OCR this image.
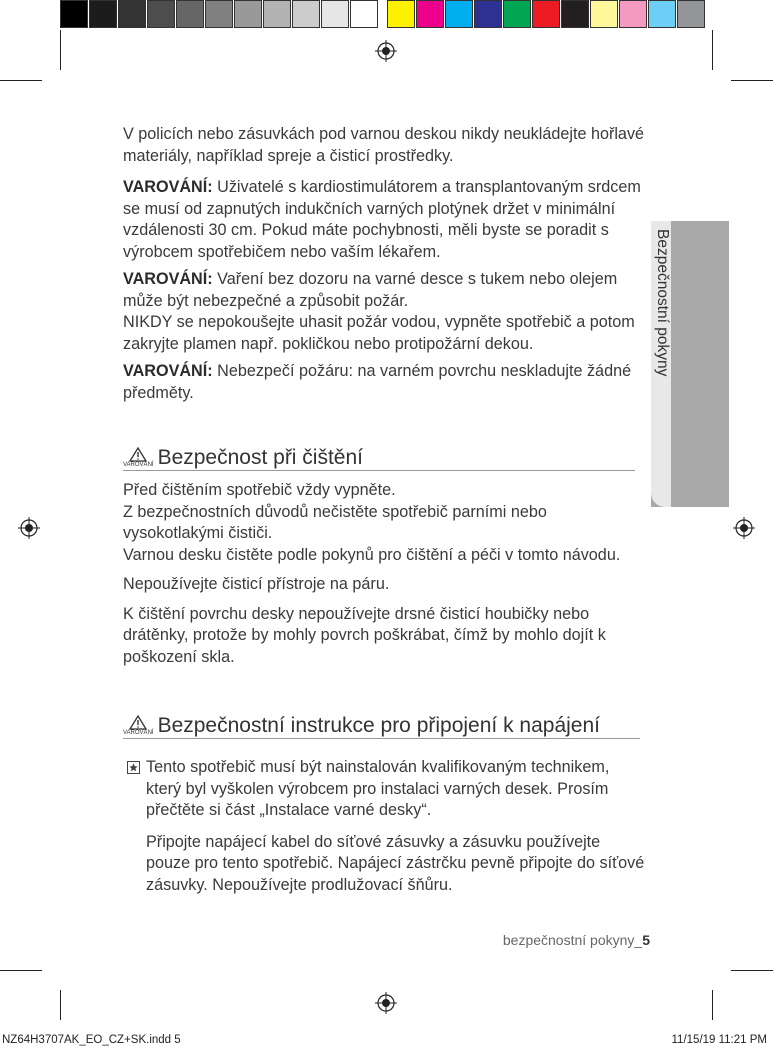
Bezpečnostní pokyny

V policích nebo zásuvkách pod varnou deskou nikdy neukládejte hořlavé materiály, například spreje a čisticí prostředky.

VAROVÁNÍ: Uživatelé s kardiostimulátorem a transplantovaným srdcem se musí od zapnutých indukčních varných plotýnek držet v minimální vzdálenosti 30 cm. Pokud máte pochybnosti, měli byste se poradit s výrobcem spotřebičem nebo vaším lékařem.

VAROVÁNÍ: Vaření bez dozoru na varné desce s tukem nebo olejem může být nebezpečné a způsobit požár.

NIKDY se nepokoušejte uhasit požár vodou, vypněte spotřebič a potom zakryjte plamen např. pokličkou nebo protipožární dekou.

VAROVÁNÍ: Nebezpečí požáru: na varném povrchu neskladujte žádné předměty.

VAROVÁNÍ Bezpečnost při čištění

Před čištěním spotřebič vždy vypněte.

Z bezpečnostních důvodů nečistěte spotřebič parními nebo vysokotlakými čističi.

Varnou desku čistěte podle pokynů pro čištění a péči v tomto návodu.

Nepoužívejte čisticí přístroje na páru.

K čištění povrchu desky nepoužívejte drsné čisticí houbičky nebo drátěnky, protože by mohly povrch poškrábat, čímž by mohlo dojít k poškození skla.

VAROVÁNÍ Bezpečnostní instrukce pro připojení k napájení

Tento spotřebič musí být nainstalován kvalifikovaným technikem, který byl vyškolen výrobcem pro instalaci varných desek. Prosím přečtěte si část „Instalace varné desky“.

Připojte napájecí kabel do síťové zásuvky a zásuvku používejte pouze pro tento spotřebič. Napájecí zástrčku pevně připojte do síťové zásuvky. Nepoužívejte prodlužovací šňůru.

bezpečnostní pokyny_5
NZ64H3707AK_EO_CZ+SK.indd 5	11/15/19 11:21 PM
